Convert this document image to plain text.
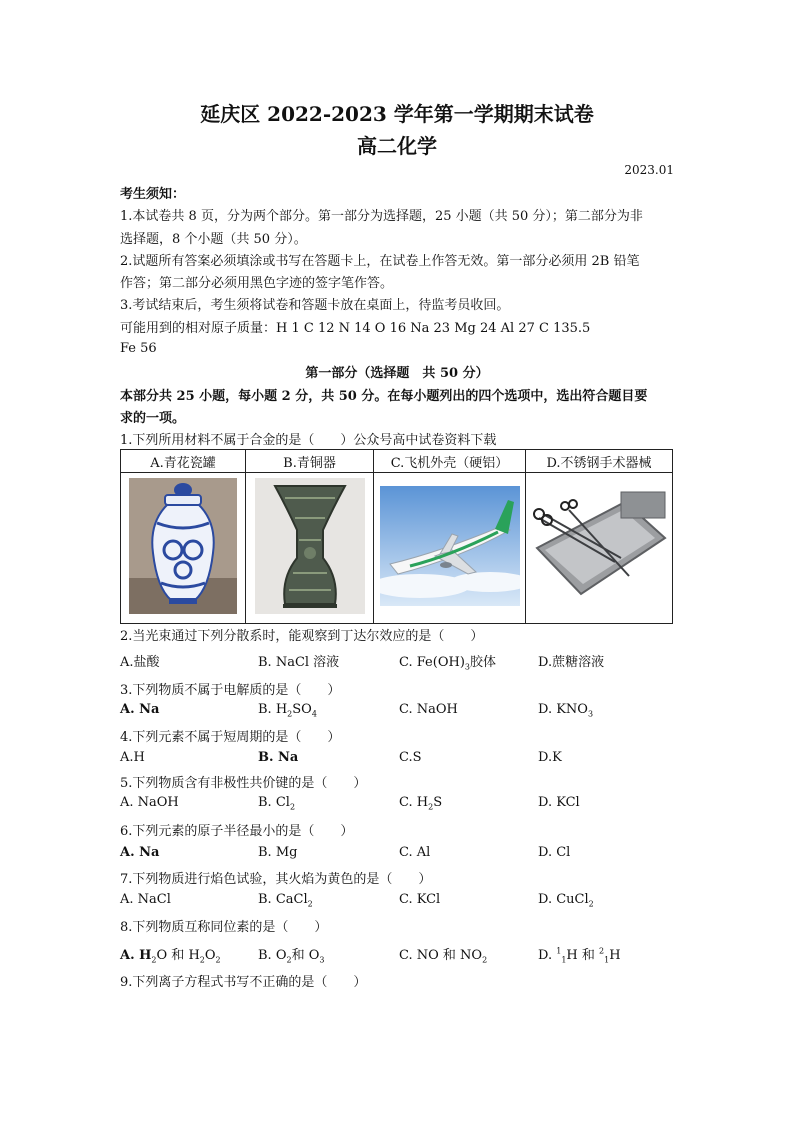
延庆区 2022-2023 学年第一学期期末试卷
高二化学
2023.01
考生须知：
1.本试卷共 8 页，分为两个部分。第一部分为选择题，25 小题（共 50 分）；第二部分为非
选择题，8 个小题（共 50 分）。
2.试题所有答案必须填涂或书写在答题卡上，在试卷上作答无效。第一部分必须用 2B 铅笔
作答；第二部分必须用黑色字迹的签字笔作答。
3.考试结束后，考生须将试卷和答题卡放在桌面上，待监考员收回。
可能用到的相对原子质量：H 1 C 12 N 14 O 16 Na 23 Mg 24 Al 27 C 135.5
Fe 56
第一部分（选择题　共 50 分）
本部分共 25 小题，每小题 2 分，共 50 分。在每小题列出的四个选项中，选出符合题目要
求的一项。
1.下列所用材料不属于合金的是（　　）公众号高中试卷资料下载
A.青花瓷罐	B.青铜器	C.飞机外壳（硬铝）	D.不锈钢手术器械

2.当光束通过下列分散系时，能观察到丁达尔效应的是（　　）
A.盐酸	B. NaCl 溶液	C. $Fe(OH)_3$胶体	D.蔗糖溶液
3.下列物质不属于电解质的是（　　）
A. Na	B. $H_2SO_4$	C. NaOH	D. $KNO_3$
4.下列元素不属于短周期的是（　　）
A.H	B. Na	C.S	D.K
5.下列物质含有非极性共价键的是（　　）
A. NaOH	B. $Cl_2$	C. $H_2S$	D. KCl
6.下列元素的原子半径最小的是（　　）
A. Na	B. Mg	C. Al	D. Cl
7.下列物质进行焰色试验，其火焰为黄色的是（　　）
A. NaCl	B. CaCl$_2$	C. KCl	D. CuCl$_2$
8.下列物质互称同位素的是（　　）
A. $H_2O$ 和 $H_2O_2$	B. $O_2$和 $O_3$	C. NO 和 $NO_2$	D. $^1_1$H 和 $^2_1$H
9.下列离子方程式书写不正确的是（　　）
